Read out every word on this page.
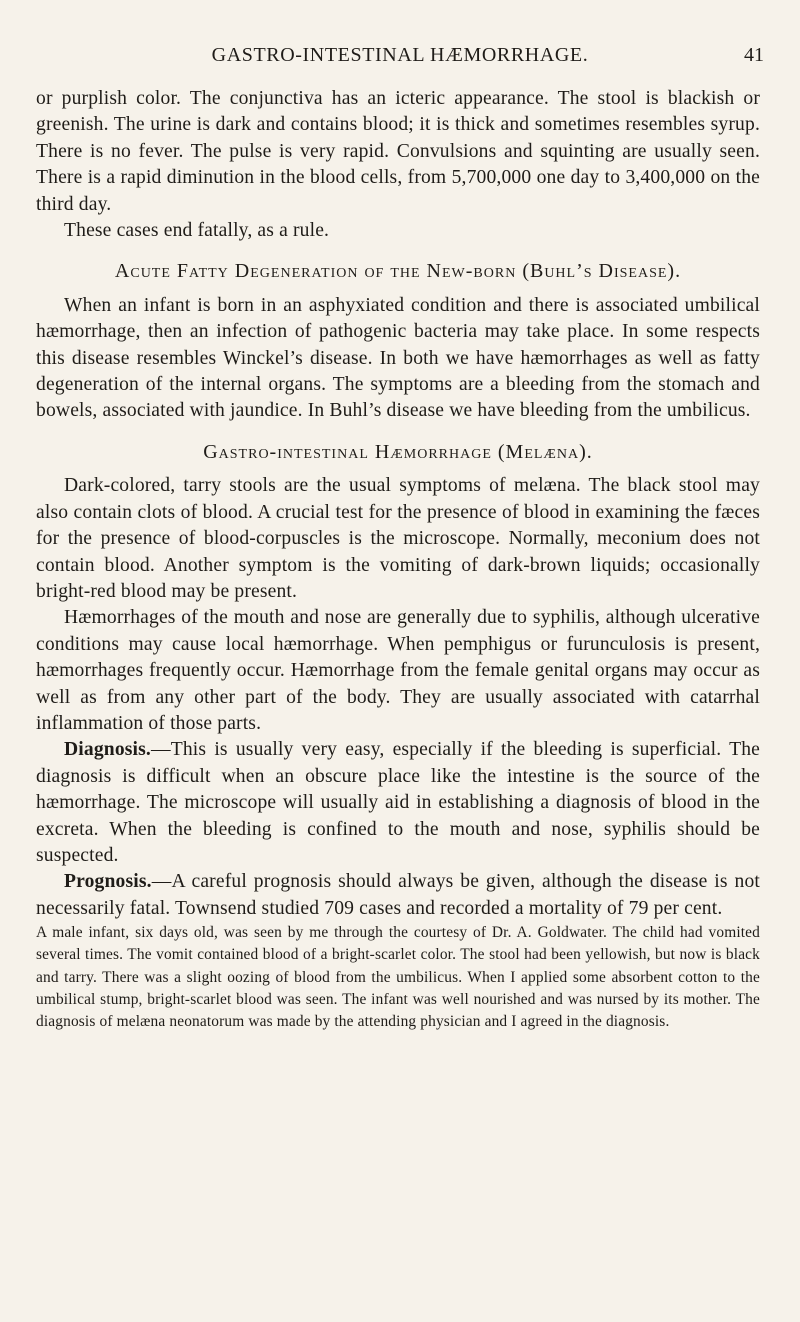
GASTRO-INTESTINAL HÆMORRHAGE.	41

or purplish color. The conjunctiva has an icteric appearance. The stool is blackish or greenish. The urine is dark and contains blood; it is thick and sometimes resembles syrup. There is no fever. The pulse is very rapid. Convulsions and squinting are usually seen. There is a rapid diminution in the blood cells, from 5,700,000 one day to 3,400,000 on the third day.

These cases end fatally, as a rule.

Acute Fatty Degeneration of the New-born (Buhl’s Disease).

When an infant is born in an asphyxiated condition and there is associated umbilical hæmorrhage, then an infection of pathogenic bacteria may take place. In some respects this disease resembles Winckel’s disease. In both we have hæmorrhages as well as fatty degeneration of the internal organs. The symptoms are a bleeding from the stomach and bowels, associated with jaundice. In Buhl’s disease we have bleeding from the umbilicus.

Gastro-intestinal Hæmorrhage (Melæna).

Dark-colored, tarry stools are the usual symptoms of melæna. The black stool may also contain clots of blood. A crucial test for the presence of blood in examining the fæces for the presence of blood-corpuscles is the microscope. Normally, meconium does not contain blood. Another symptom is the vomiting of dark-brown liquids; occasionally bright-red blood may be present.

Hæmorrhages of the mouth and nose are generally due to syphilis, although ulcerative conditions may cause local hæmorrhage. When pemphigus or furunculosis is present, hæmorrhages frequently occur. Hæmorrhage from the female genital organs may occur as well as from any other part of the body. They are usually associated with catarrhal inflammation of those parts.

Diagnosis.—This is usually very easy, especially if the bleeding is superficial. The diagnosis is difficult when an obscure place like the intestine is the source of the hæmorrhage. The microscope will usually aid in establishing a diagnosis of blood in the excreta. When the bleeding is confined to the mouth and nose, syphilis should be suspected.

Prognosis.—A careful prognosis should always be given, although the disease is not necessarily fatal. Townsend studied 709 cases and recorded a mortality of 79 per cent.

A male infant, six days old, was seen by me through the courtesy of Dr. A. Goldwater. The child had vomited several times. The vomit contained blood of a bright-scarlet color. The stool had been yellowish, but now is black and tarry. There was a slight oozing of blood from the umbilicus. When I applied some absorbent cotton to the umbilical stump, bright-scarlet blood was seen. The infant was well nourished and was nursed by its mother. The diagnosis of melæna neonatorum was made by the attending physician and I agreed in the diagnosis.
